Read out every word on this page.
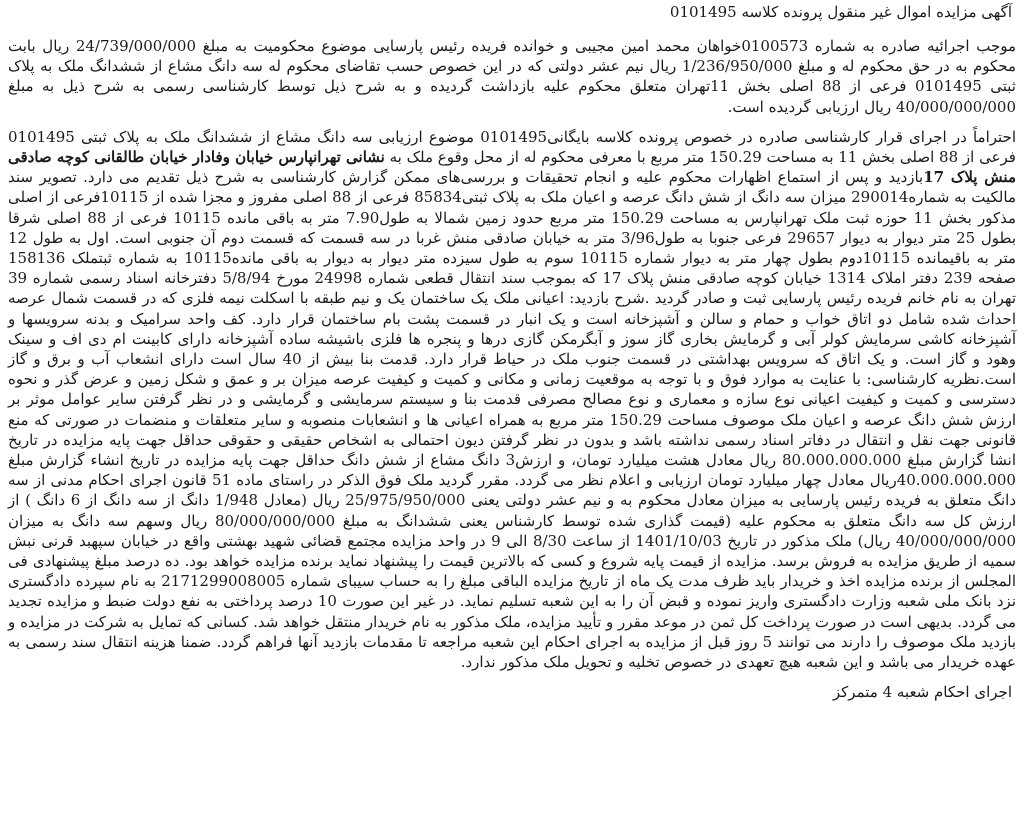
آگهی مزایده اموال غیر منقول پرونده کلاسه 0101495
موجب اجرائیه صادره به شماره 0100573خواهان محمد امین مجیبی و خوانده فریده رئیس پارسایی موضوع محکومیت به مبلغ 24/739/000/000 ریال بابت محکوم به در حق محکوم له و مبلغ 1/236/950/000 ریال نیم عشر دولتی که در این خصوص حسب تقاضای محکوم له سه دانگ مشاع از ششدانگ ملک به پلاک ثبتی 0101495 فرعی از 88 اصلی بخش 11تهران متعلق محکوم علیه بازداشت گردیده و به شرح ذیل توسط کارشناسی رسمی به شرح ذیل به مبلغ 40/000/000/000 ریال ارزیابی گردیده است.
احتراماً در اجرای قرار کارشناسی صادره در خصوص پرونده کلاسه بایگانی0101495 موضوع ارزیابی سه دانگ مشاع از ششدانگ ملک به پلاک ثبتی 0101495 فرعی از 88 اصلی بخش 11 به مساحت 150.29 متر مربع با معرفی محکوم له از محل وقوع ملک به نشانی تهرانپارس خیابان وفادار خیابان طالقانی کوچه صادقی منش پلاک 17بازدید و پس از استماع اظهارات محکوم علیه و انجام تحقیقات و بررسی‌های ممکن گزارش کارشناسی به شرح ذیل تقدیم می دارد. تصویر سند مالکیت به شماره290014 میزان سه دانگ از شش دانگ عرصه و اعیان ملک به پلاک ثبتی85834 فرعی از 88 اصلی مفروز و مجزا شده از 10115فرعی از اصلی مذکور بخش 11 حوزه ثبت ملک تهرانپارس به مساحت 150.29 متر مربع حدود زمین شمالا به طول7.90 متر به باقی مانده 10115 فرعی از 88 اصلی شرقا بطول 25 متر دیوار به دیوار 29657 فرعی جنوبا به طول3/96 متر به خیابان صادقی منش غربا در سه قسمت که قسمت دوم آن جنوبی است. اول به طول 12 متر به باقیمانده 10115دوم بطول چهار متر به دیوار شماره 10115 سوم به طول سیزده متر دیوار به دیوار به باقی مانده10115 به شماره ثبتملک 158136 صفحه 239 دفتر املاک 1314 خیابان کوچه صادقی منش پلاک 17 که بموجب سند انتقال قطعی شماره 24998 مورخ 5/8/94 دفترخانه اسناد رسمی شماره 39 تهران به نام خانم فریده رئیس پارسایی ثبت و صادر گردید .شرح بازدید: اعیانی ملک یک ساختمان یک و نیم طبقه با اسکلت نیمه فلزی که در قسمت شمال عرصه احداث شده شامل دو اتاق خواب و حمام و سالن و آشپزخانه است و یک انبار در قسمت پشت بام ساختمان قرار دارد. کف واحد سرامیک و بدنه سرویسها و آشپزخانه کاشی سرمایش کولر آبی و گرمایش بخاری گاز سوز و آبگرمکن گازی درها و پنجره ها فلزی باشیشه ساده آشپزخانه دارای کابینت ام دی اف و سینک وهود و گاز است. و یک اتاق که سرویس بهداشتی در قسمت جنوب ملک در حیاط قرار دارد. قدمت بنا بیش از 40 سال است دارای انشعاب آب و برق و گاز است.نظریه کارشناسی: با عنایت به موارد فوق و با توجه به موقعیت زمانی و مکانی و کمیت و کیفیت عرصه میزان بر و عمق و شکل زمین و عرض گذر و نحوه دسترسی و کمیت و کیفیت اعیانی نوع سازه و معماری و نوع مصالح مصرفی قدمت بنا و سیستم سرمایشی و گرمایشی و در نظر گرفتن سایر عوامل موثر بر ارزش شش دانگ عرصه و اعیان ملک موصوف مساحت 150.29 متر مربع به همراه اعیانی ها و انشعابات منصوبه و سایر متعلقات و منضمات در صورتی که منع قانونی جهت نقل و انتقال در دفاتر اسناد رسمی نداشته باشد و بدون در نظر گرفتن دیون احتمالی به اشخاص حقیقی و حقوقی حداقل جهت پایه مزایده در تاریخ انشا گزارش مبلغ 80.000.000.000 ریال معادل هشت میلیارد تومان، و ارزش3 دانگ مشاع از شش دانگ حداقل جهت پایه مزایده در تاریخ انشاء گزارش مبلغ 40.000.000.000ریال معادل چهار میلیارد تومان ارزیابی و اعلام نظر می گردد. مقرر گردید ملک فوق الذکر در راستای ماده 51 قانون اجرای احکام مدنی از سه دانگ متعلق به فریده رئیس پارسایی به میزان معادل محکوم به و نیم عشر دولتی یعنی 25/975/950/000 ریال (معادل 1/948 دانگ از سه دانگ از 6 دانگ ) از ارزش کل سه دانگ متعلق به محکوم علیه (قیمت گذاری شده توسط کارشناس یعنی ششدانگ به مبلغ 80/000/000/000 ریال وسهم سه دانگ به میزان 40/000/000/000 ریال) ملک مذکور در تاریخ 1401/10/03 از ساعت 8/30 الی 9 در واحد مزایده مجتمع قضائی شهید بهشتی واقع در خیابان سپهبد قرنی نبش سمیه از طریق مزایده به فروش برسد. مزایده از قیمت پایه شروع و کسی که بالاترین قیمت را پیشنهاد نماید برنده مزایده خواهد بود. ده درصد مبلغ پیشنهادی فی المجلس از برنده مزایده اخذ و خریدار باید ظرف مدت یک ماه از تاریخ مزایده الباقی مبلغ را به حساب سیبای شماره 2171299008005 به نام سپرده دادگستری نزد بانک ملی شعبه وزارت دادگستری واریز نموده و قبض آن را به این شعبه تسلیم نماید. در غیر این صورت 10 درصد پرداختی به نفع دولت ضبط و مزایده تجدید می گردد. بدیهی است در صورت پرداخت کل ثمن در موعد مقرر و تأیید مزایده، ملک مذکور به نام خریدار منتقل خواهد شد. کسانی که تمایل به شرکت در مزایده و بازدید ملک موصوف را دارند می توانند 5 روز قبل از مزایده به اجرای احکام این شعبه مراجعه تا مقدمات بازدید آنها فراهم گردد. ضمنا هزینه انتقال سند رسمی به عهده خریدار می باشد و این شعبه هیچ تعهدی در خصوص تخلیه و تحویل ملک مذکور ندارد.
اجرای احکام شعبه 4 متمرکز
